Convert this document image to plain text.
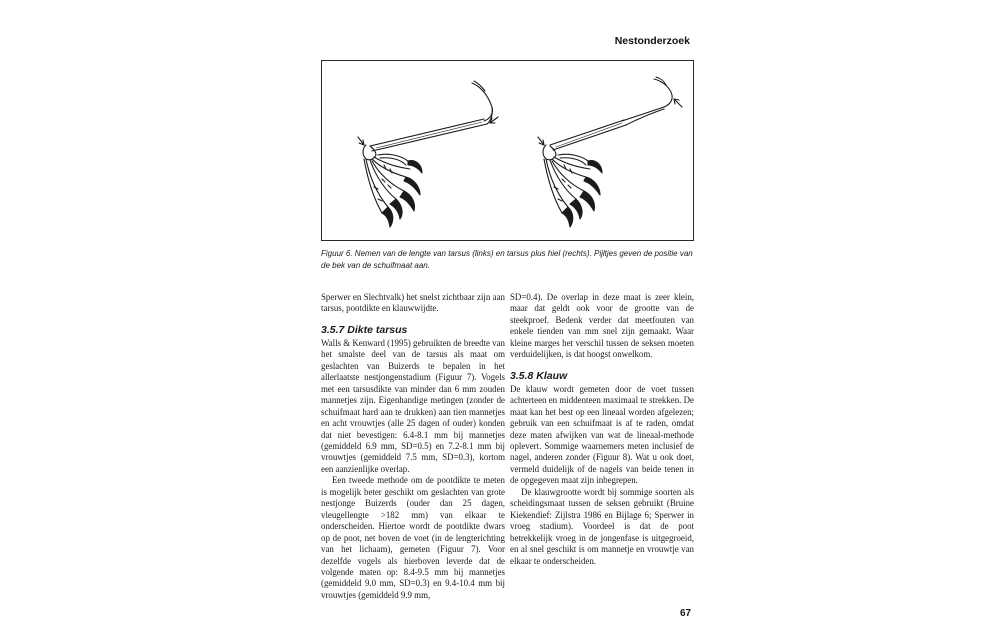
Nestonderzoek
Figuur 6. Nemen van de lengte van tarsus (links) en tarsus plus hiel (rechts). Pijltjes geven de positie van de bek van de schuifmaat aan.

Sperwer en Slechtvalk) het snelst zichtbaar zijn aan tarsus, pootdikte en klauwwijdte.

3.5.7 Dikte tarsus

Walls & Kenward (1995) gebruikten de breedte van het smalste deel van de tarsus als maat om geslachten van Buizerds te bepalen in het allerlaatste nestjongenstadium (Figuur 7). Vogels met een tarsusdikte van minder dan 6 mm zouden mannetjes zijn. Eigenhandige metingen (zonder de schuifmaat hard aan te drukken) aan tien mannetjes en acht vrouwtjes (alle 25 dagen of ouder) konden dat niet bevestigen: 6.4-8.1 mm bij mannetjes (gemiddeld 6.9 mm, SD=0.5) en 7.2-8.1 mm bij vrouwtjes (gemiddeld 7.5 mm, SD=0.3), kortom een aanzienlijke overlap.

Een tweede methode om de pootdikte te meten is mogelijk beter geschikt om geslachten van grote nestjonge Buizerds (ouder dan 25 dagen, vleugellengte >182 mm) van elkaar te onderscheiden. Hiertoe wordt de pootdikte dwars op de poot, net boven de voet (in de lengterichting van het lichaam), gemeten (Figuur 7). Voor dezelfde vogels als hierboven leverde dat de volgende maten op: 8.4-9.5 mm bij mannetjes (gemiddeld 9.0 mm, SD=0.3) en 9.4-10.4 mm bij vrouwtjes (gemiddeld 9.9 mm,

SD=0.4). De overlap in deze maat is zeer klein, maar dat geldt ook voor de grootte van de steekproef. Bedenk verder dat meetfouten van enkele tienden van mm snel zijn gemaakt. Waar kleine marges het verschil tussen de seksen moeten verduidelijken, is dat hoogst onwelkom.

3.5.8 Klauw

De klauw wordt gemeten door de voet tussen achterteen en middenteen maximaal te strekken. De maat kan het best op een lineaal worden afgelezen; gebruik van een schuifmaat is af te raden, omdat deze maten afwijken van wat de lineaal-methode oplevert. Sommige waarnemers meten inclusief de nagel, anderen zonder (Figuur 8). Wat u ook doet, vermeld duidelijk of de nagels van beide tenen in de opgegeven maat zijn inbegrepen.

De klauwgrootte wordt bij sommige soorten als scheidingsmaat tussen de seksen gebruikt (Bruine Kiekendief: Zijlstra 1986 en Bijlage 6; Sperwer in vroeg stadium). Voordeel is dat de poot betrekkelijk vroeg in de jongenfase is uitgegroeid, en al snel geschikt is om mannetje en vrouwtje van elkaar te onderscheiden.

67
